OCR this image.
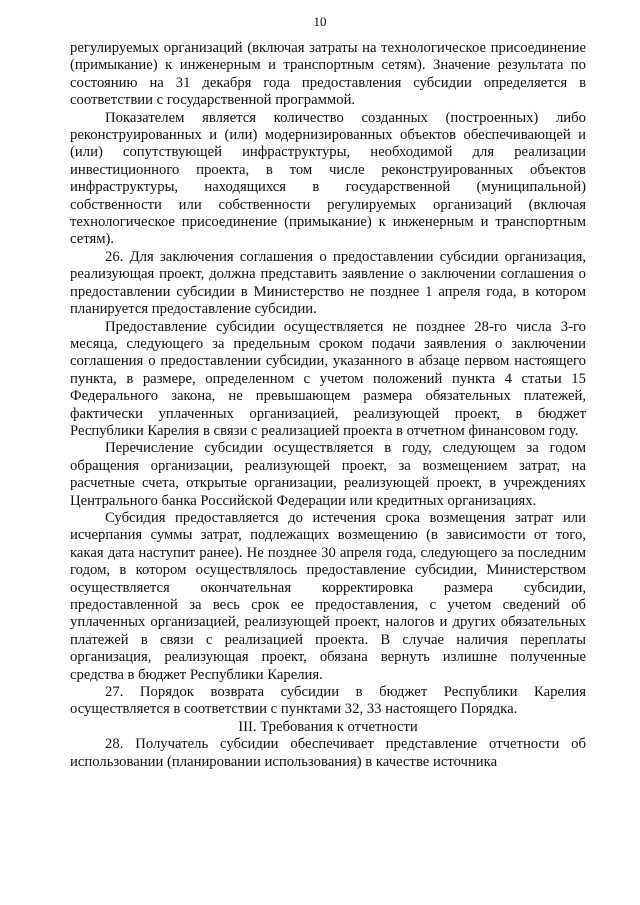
10

регулируемых организаций (включая затраты на технологическое присоединение (примыкание) к инженерным и транспортным сетям). Значение результата по состоянию на 31 декабря года предоставления субсидии определяется в соответствии с государственной программой.

Показателем является количество созданных (построенных) либо реконструированных и (или) модернизированных объектов обеспечивающей и (или) сопутствующей инфраструктуры, необходимой для реализации инвестиционного проекта, в том числе реконструированных объектов инфраструктуры, находящихся в государственной (муниципальной) собственности или собственности регулируемых организаций (включая технологическое присоединение (примыкание) к инженерным и транспортным сетям).

26. Для заключения соглашения о предоставлении субсидии организация, реализующая проект, должна представить заявление о заключении соглашения о предоставлении субсидии в Министерство не позднее 1 апреля года, в котором планируется предоставление субсидии.

Предоставление субсидии осуществляется не позднее 28-го числа 3-го месяца, следующего за предельным сроком подачи заявления о заключении соглашения о предоставлении субсидии, указанного в абзаце первом настоящего пункта, в размере, определенном с учетом положений пункта 4 статьи 15 Федерального закона, не превышающем размера обязательных платежей, фактически уплаченных организацией, реализующей проект, в бюджет Республики Карелия в связи с реализацией проекта в отчетном финансовом году.

Перечисление субсидии осуществляется в году, следующем за годом обращения организации, реализующей проект, за возмещением затрат, на расчетные счета, открытые организации, реализующей проект, в учреждениях Центрального банка Российской Федерации или кредитных организациях.

Субсидия предоставляется до истечения срока возмещения затрат или исчерпания суммы затрат, подлежащих возмещению (в зависимости от того, какая дата наступит ранее). Не позднее 30 апреля года, следующего за последним годом, в котором осуществлялось предоставление субсидии, Министерством осуществляется окончательная корректировка размера субсидии, предоставленной за весь срок ее предоставления, с учетом сведений об уплаченных организацией, реализующей проект, налогов и других обязательных платежей в связи с реализацией проекта. В случае наличия переплаты организация, реализующая проект, обязана вернуть излишне полученные средства в бюджет Республики Карелия.

27. Порядок возврата субсидии в бюджет Республики Карелия осуществляется в соответствии с пунктами 32, 33 настоящего Порядка.

III. Требования к отчетности

28. Получатель субсидии обеспечивает представление отчетности об использовании (планировании использования) в качестве источника
